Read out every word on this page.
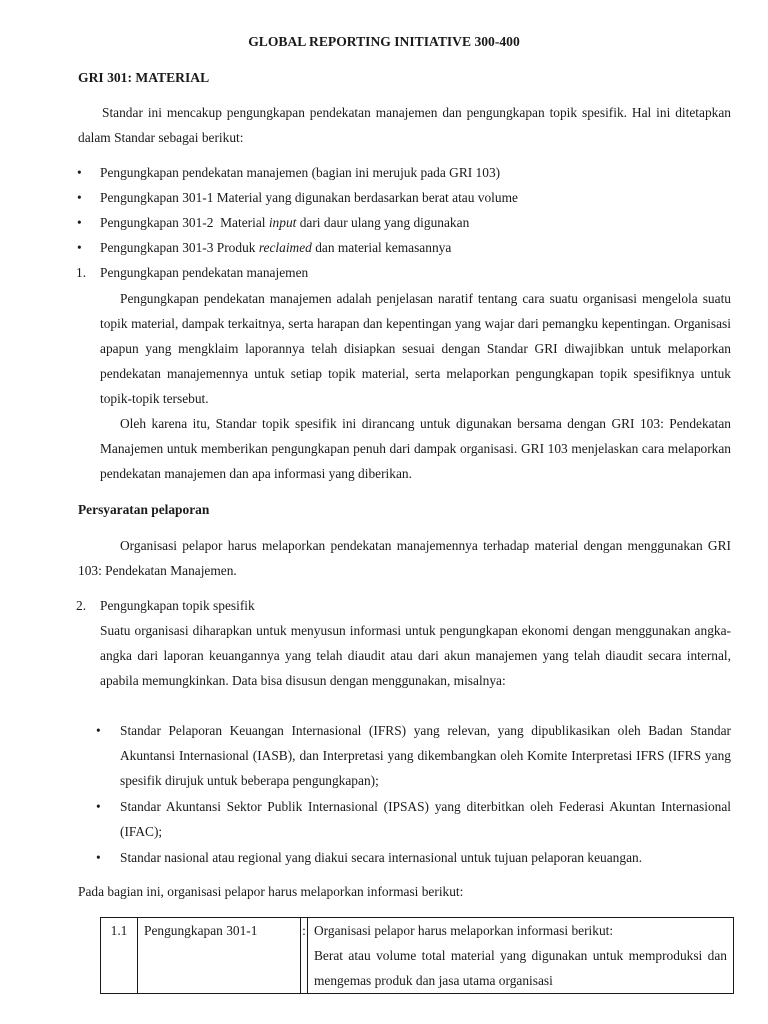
GLOBAL REPORTING INITIATIVE 300-400
GRI 301: MATERIAL

Standar ini mencakup pengungkapan pendekatan manajemen dan pengungkapan topik spesifik. Hal ini ditetapkan dalam Standar sebagai berikut:

• Pengungkapan pendekatan manajemen (bagian ini merujuk pada GRI 103)
• Pengungkapan 301-1 Material yang digunakan berdasarkan berat atau volume
• Pengungkapan 301-2  Material input dari daur ulang yang digunakan
• Pengungkapan 301-3 Produk reclaimed dan material kemasannya
1. Pengungkapan pendekatan manajemen

Pengungkapan pendekatan manajemen adalah penjelasan naratif tentang cara suatu organisasi mengelola suatu topik material, dampak terkaitnya, serta harapan dan kepentingan yang wajar dari pemangku kepentingan. Organisasi apapun yang mengklaim laporannya telah disiapkan sesuai dengan Standar GRI diwajibkan untuk melaporkan pendekatan manajemennya untuk setiap topik material, serta melaporkan pengungkapan topik spesifiknya untuk topik-topik tersebut.

Oleh karena itu, Standar topik spesifik ini dirancang untuk digunakan bersama dengan GRI 103: Pendekatan Manajemen untuk memberikan pengungkapan penuh dari dampak organisasi. GRI 103 menjelaskan cara melaporkan pendekatan manajemen dan apa informasi yang diberikan.

Persyaratan pelaporan

Organisasi pelapor harus melaporkan pendekatan manajemennya terhadap material dengan menggunakan GRI 103: Pendekatan Manajemen.

2. Pengungkapan topik spesifik

Suatu organisasi diharapkan untuk menyusun informasi untuk pengungkapan ekonomi dengan menggunakan angka-angka dari laporan keuangannya yang telah diaudit atau dari akun manajemen yang telah diaudit secara internal, apabila memungkinkan. Data bisa disusun dengan menggunakan, misalnya:

• Standar Pelaporan Keuangan Internasional (IFRS) yang relevan, yang dipublikasikan oleh Badan Standar Akuntansi Internasional (IASB), dan Interpretasi yang dikembangkan oleh Komite Interpretasi IFRS (IFRS yang spesifik dirujuk untuk beberapa pengungkapan);
• Standar Akuntansi Sektor Publik Internasional (IPSAS) yang diterbitkan oleh Federasi Akuntan Internasional (IFAC);
• Standar nasional atau regional yang diakui secara internasional untuk tujuan pelaporan keuangan.
Pada bagian ini, organisasi pelapor harus melaporkan informasi berikut:
1.1	Pengungkapan 301-1	:	Organisasi pelapor harus melaporkan informasi berikut:
Berat atau volume total material yang digunakan untuk memproduksi dan mengemas produk dan jasa utama organisasi
